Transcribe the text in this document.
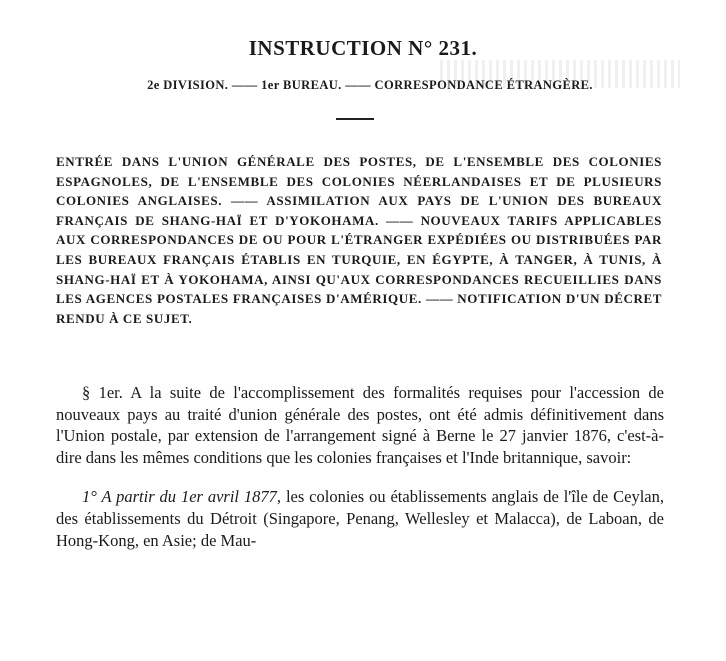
INSTRUCTION N° 231.
2e DIVISION. —— 1er BUREAU. —— CORRESPONDANCE ÉTRANGÈRE.

ENTRÉE DANS L'UNION GÉNÉRALE DES POSTES, DE L'ENSEMBLE DES COLONIES ESPAGNOLES, DE L'ENSEMBLE DES COLONIES NÉERLANDAISES ET DE PLUSIEURS COLONIES ANGLAISES. —— ASSIMILATION AUX PAYS DE L'UNION DES BUREAUX FRANÇAIS DE SHANG-HAÏ ET D'YOKOHAMA. —— NOUVEAUX TARIFS APPLICABLES AUX CORRESPONDANCES DE OU POUR L'ÉTRANGER EXPÉDIÉES OU DISTRIBUÉES PAR LES BUREAUX FRANÇAIS ÉTABLIS EN TURQUIE, EN ÉGYPTE, À TANGER, À TUNIS, À SHANG-HAÏ ET À YOKOHAMA, AINSI QU'AUX CORRESPONDANCES RECUEILLIES DANS LES AGENCES POSTALES FRANÇAISES D'AMÉRIQUE. —— NOTIFICATION D'UN DÉCRET RENDU À CE SUJET.

§ 1er. A la suite de l'accomplissement des formalités requises pour l'accession de nouveaux pays au traité d'union générale des postes, ont été admis définitivement dans l'Union postale, par extension de l'arrangement signé à Berne le 27 janvier 1876, c'est-à-dire dans les mêmes conditions que les colonies françaises et l'Inde britannique, savoir:

1° A partir du 1er avril 1877, les colonies ou établissements anglais de l'île de Ceylan, des établissements du Détroit (Singapore, Penang, Wellesley et Malacca), de Laboan, de Hong-Kong, en Asie; de Mau-
